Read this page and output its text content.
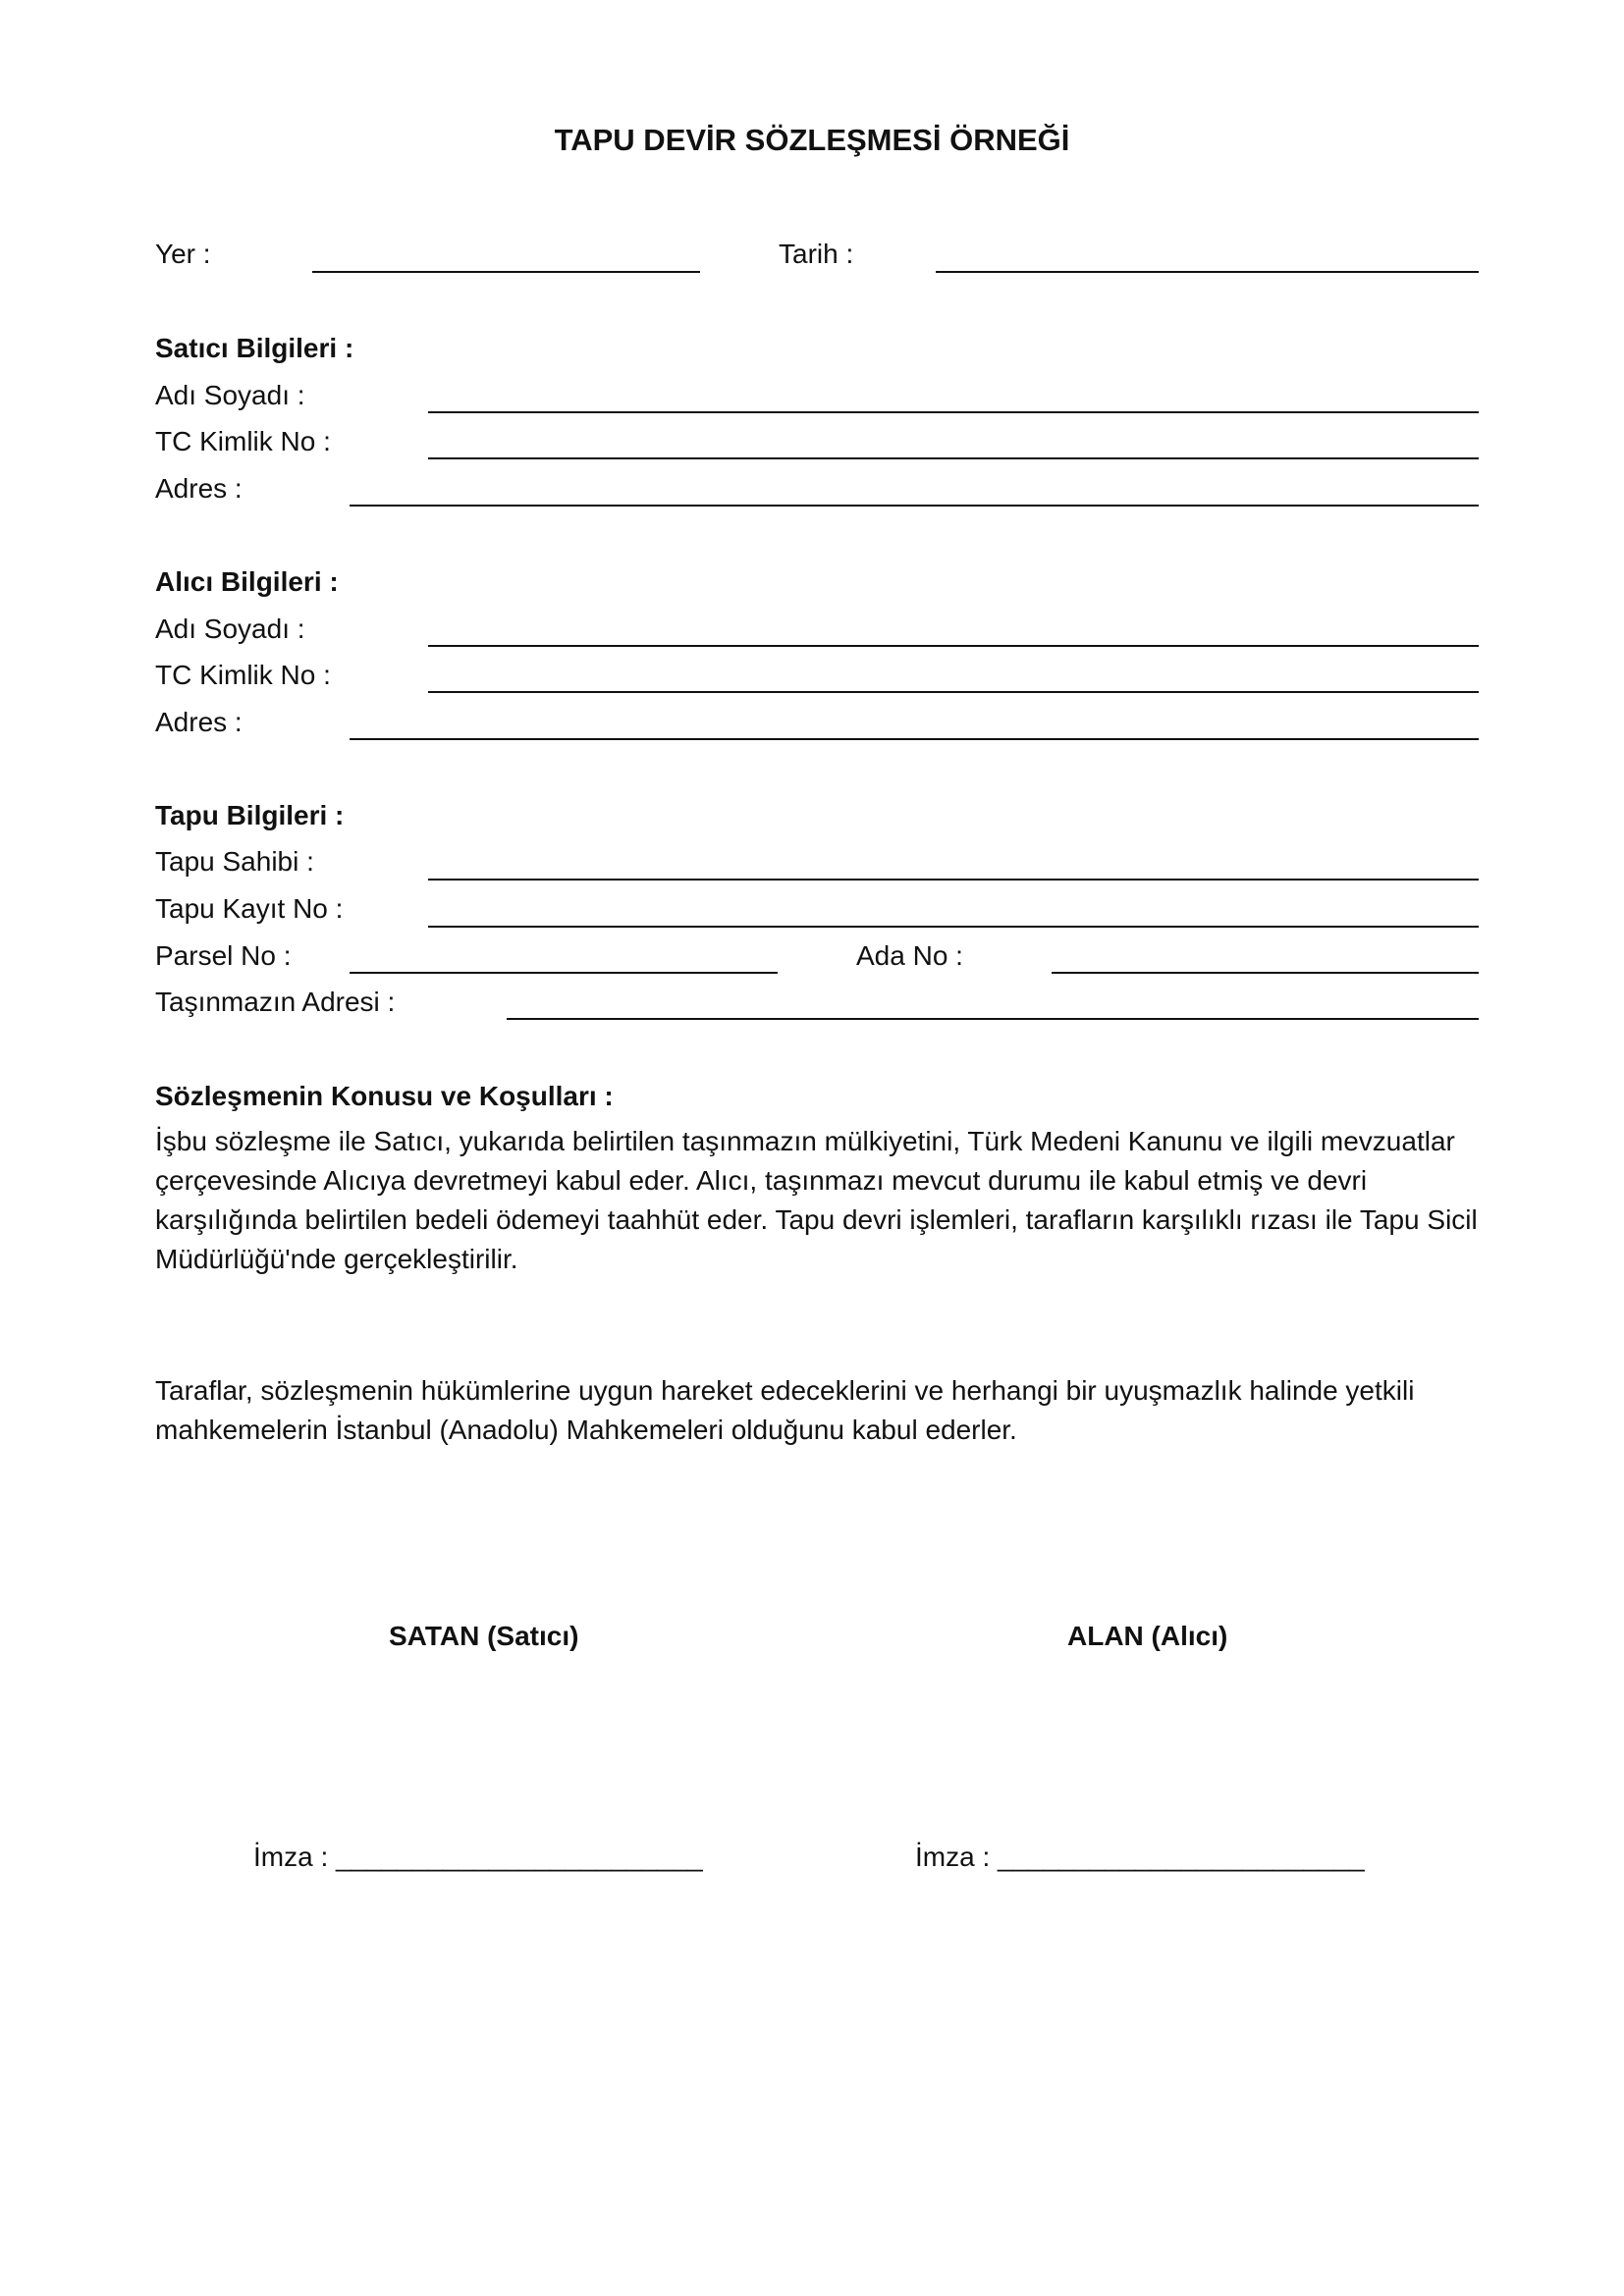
TAPU DEVİR SÖZLEŞMESİ ÖRNEĞİ
Yer :	Tarih :
Satıcı Bilgileri :
Adı Soyadı :
TC Kimlik No :
Adres :
Alıcı Bilgileri :
Adı Soyadı :
TC Kimlik No :
Adres :
Tapu Bilgileri :
Tapu Sahibi :
Tapu Kayıt No :
Parsel No :	Ada No :
Taşınmazın Adresi :
Sözleşmenin Konusu ve Koşulları :
İşbu sözleşme ile Satıcı, yukarıda belirtilen taşınmazın mülkiyetini, Türk Medeni Kanunu ve ilgili mevzuatlar çerçevesinde Alıcıya devretmeyi kabul eder. Alıcı, taşınmazı mevcut durumu ile kabul etmiş ve devri karşılığında belirtilen bedeli ödemeyi taahhüt eder. Tapu devri işlemleri, tarafların karşılıklı rızası ile Tapu Sicil Müdürlüğü'nde gerçekleştirilir.
Taraflar, sözleşmenin hükümlerine uygun hareket edeceklerini ve herhangi bir uyuşmazlık halinde yetkili mahkemelerin İstanbul (Anadolu) Mahkemeleri olduğunu kabul ederler.
SATAN (Satıcı)	ALAN (Alıcı)
İmza : ________________________	İmza : ________________________
